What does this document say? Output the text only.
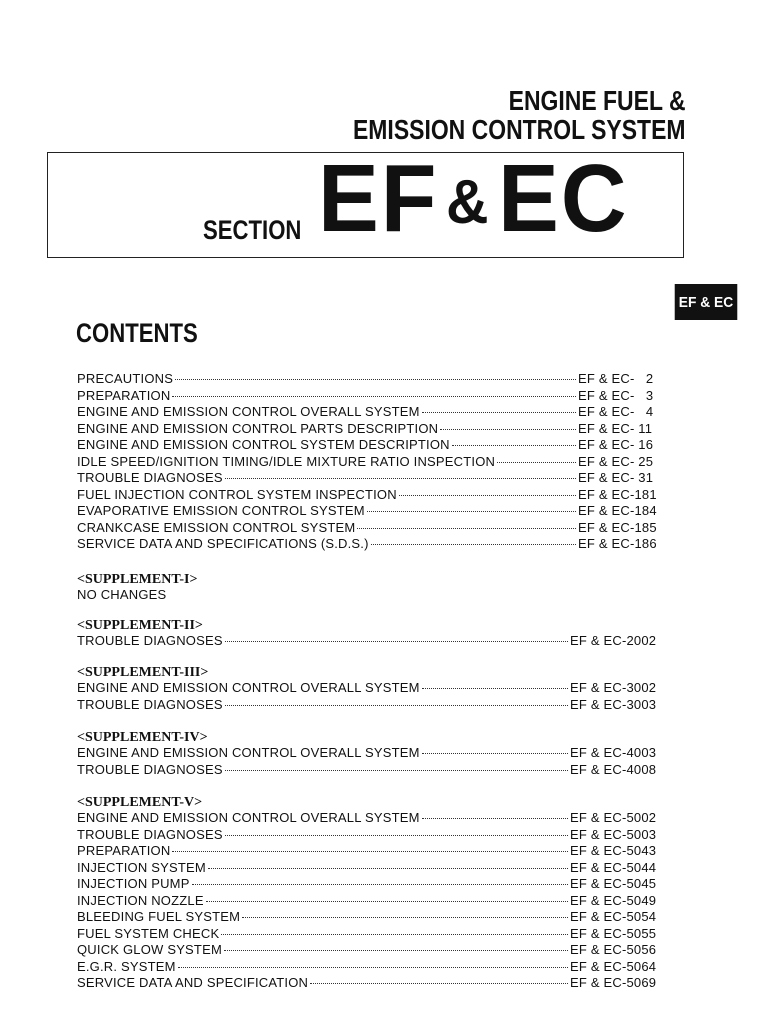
ENGINE FUEL &
EMISSION CONTROL SYSTEM
SECTION EF &EC
EF & EC
CONTENTS
PRECAUTIONS	EF & EC-   2
PREPARATION	EF & EC-   3
ENGINE AND EMISSION CONTROL OVERALL SYSTEM	EF & EC-   4
ENGINE AND EMISSION CONTROL PARTS DESCRIPTION	EF & EC- 11
ENGINE AND EMISSION CONTROL SYSTEM DESCRIPTION	EF & EC- 16
IDLE SPEED/IGNITION TIMING/IDLE MIXTURE RATIO INSPECTION	EF & EC- 25
TROUBLE DIAGNOSES	EF & EC- 31
FUEL INJECTION CONTROL SYSTEM INSPECTION	EF & EC-181
EVAPORATIVE EMISSION CONTROL SYSTEM	EF & EC-184
CRANKCASE EMISSION CONTROL SYSTEM	EF & EC-185
SERVICE DATA AND SPECIFICATIONS (S.D.S.)	EF & EC-186
<SUPPLEMENT-I>
NO CHANGES
<SUPPLEMENT-II>
TROUBLE DIAGNOSES	EF & EC-2002
<SUPPLEMENT-III>
ENGINE AND EMISSION CONTROL OVERALL SYSTEM	EF & EC-3002
TROUBLE DIAGNOSES	EF & EC-3003
<SUPPLEMENT-IV>
ENGINE AND EMISSION CONTROL OVERALL SYSTEM	EF & EC-4003
TROUBLE DIAGNOSES	EF & EC-4008
<SUPPLEMENT-V>
ENGINE AND EMISSION CONTROL OVERALL SYSTEM	EF & EC-5002
TROUBLE DIAGNOSES	EF & EC-5003
PREPARATION	EF & EC-5043
INJECTION SYSTEM	EF & EC-5044
INJECTION PUMP	EF & EC-5045
INJECTION NOZZLE	EF & EC-5049
BLEEDING FUEL SYSTEM	EF & EC-5054
FUEL SYSTEM CHECK	EF & EC-5055
QUICK GLOW SYSTEM	EF & EC-5056
E.G.R. SYSTEM	EF & EC-5064
SERVICE DATA AND SPECIFICATION	EF & EC-5069
